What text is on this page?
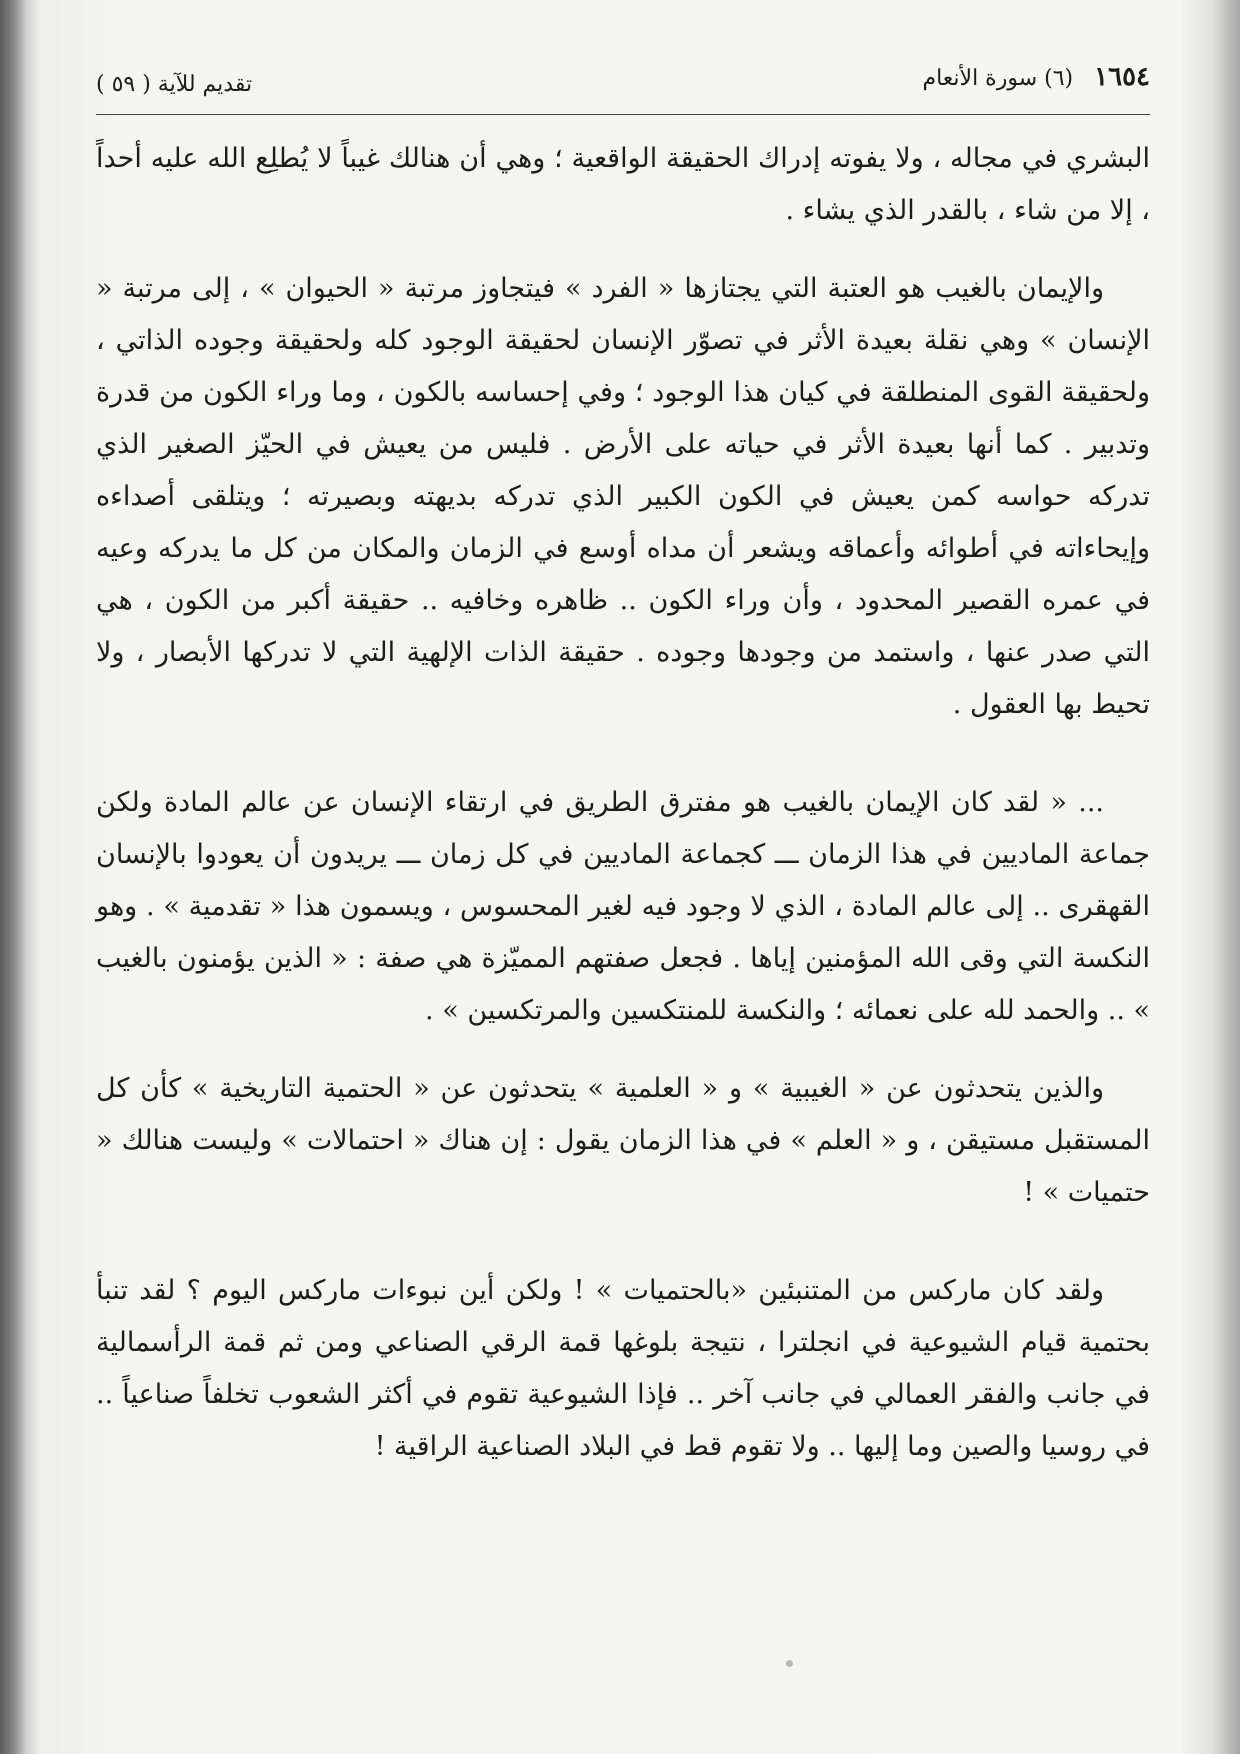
١٦٥٤ (٦) سورة الأنعام
تقديم للآية ( ٥٩ )

البشري في مجاله ، ولا يفوته إدراك الحقيقة الواقعية ؛ وهي أن هنالك غيباً لا يُطلِع الله عليه أحداً ، إلا من شاء ، بالقدر الذي يشاء .

والإيمان بالغيب هو العتبة التي يجتازها « الفرد » فيتجاوز مرتبة « الحيوان » ، إلى مرتبة « الإنسان » وهي نقلة بعيدة الأثر في تصوّر الإنسان لحقيقة الوجود كله ولحقيقة وجوده الذاتي ، ولحقيقة القوى المنطلقة في كيان هذا الوجود ؛ وفي إحساسه بالكون ، وما وراء الكون من قدرة وتدبير . كما أنها بعيدة الأثر في حياته على الأرض . فليس من يعيش في الحيّز الصغير الذي تدركه حواسه كمن يعيش في الكون الكبير الذي تدركه بديهته وبصيرته ؛ ويتلقى أصداءه وإيحاءاته في أطوائه وأعماقه ويشعر أن مداه أوسع في الزمان والمكان من كل ما يدركه وعيه في عمره القصير المحدود ، وأن وراء الكون .. ظاهره وخافيه .. حقيقة أكبر من الكون ، هي التي صدر عنها ، واستمد من وجودها وجوده . حقيقة الذات الإلهية التي لا تدركها الأبصار ، ولا تحيط بها العقول .

... « لقد كان الإيمان بالغيب هو مفترق الطريق في ارتقاء الإنسان عن عالم المادة ولكن جماعة الماديين في هذا الزمان ـــ كجماعة الماديين في كل زمان ـــ يريدون أن يعودوا بالإنسان القهقرى .. إلى عالم المادة ، الذي لا وجود فيه لغير المحسوس ، ويسمون هذا « تقدمية » . وهو النكسة التي وقى الله المؤمنين إياها . فجعل صفتهم المميّزة هي صفة : « الذين يؤمنون بالغيب » .. والحمد لله على نعمائه ؛ والنكسة للمنتكسين والمرتكسين » .

والذين يتحدثون عن « الغيبية » و « العلمية » يتحدثون عن « الحتمية التاريخية » كأن كل المستقبل مستيقن ، و « العلم » في هذا الزمان يقول : إن هناك « احتمالات » وليست هنالك « حتميات » !

ولقد كان ماركس من المتنبئين «بالحتميات » ! ولكن أين نبوءات ماركس اليوم ؟ لقد تنبأ بحتمية قيام الشيوعية في انجلترا ، نتيجة بلوغها قمة الرقي الصناعي ومن ثم قمة الرأسمالية في جانب والفقر العمالي في جانب آخر .. فإذا الشيوعية تقوم في أكثر الشعوب تخلفاً صناعياً .. في روسيا والصين وما إليها .. ولا تقوم قط في البلاد الصناعية الراقية !
